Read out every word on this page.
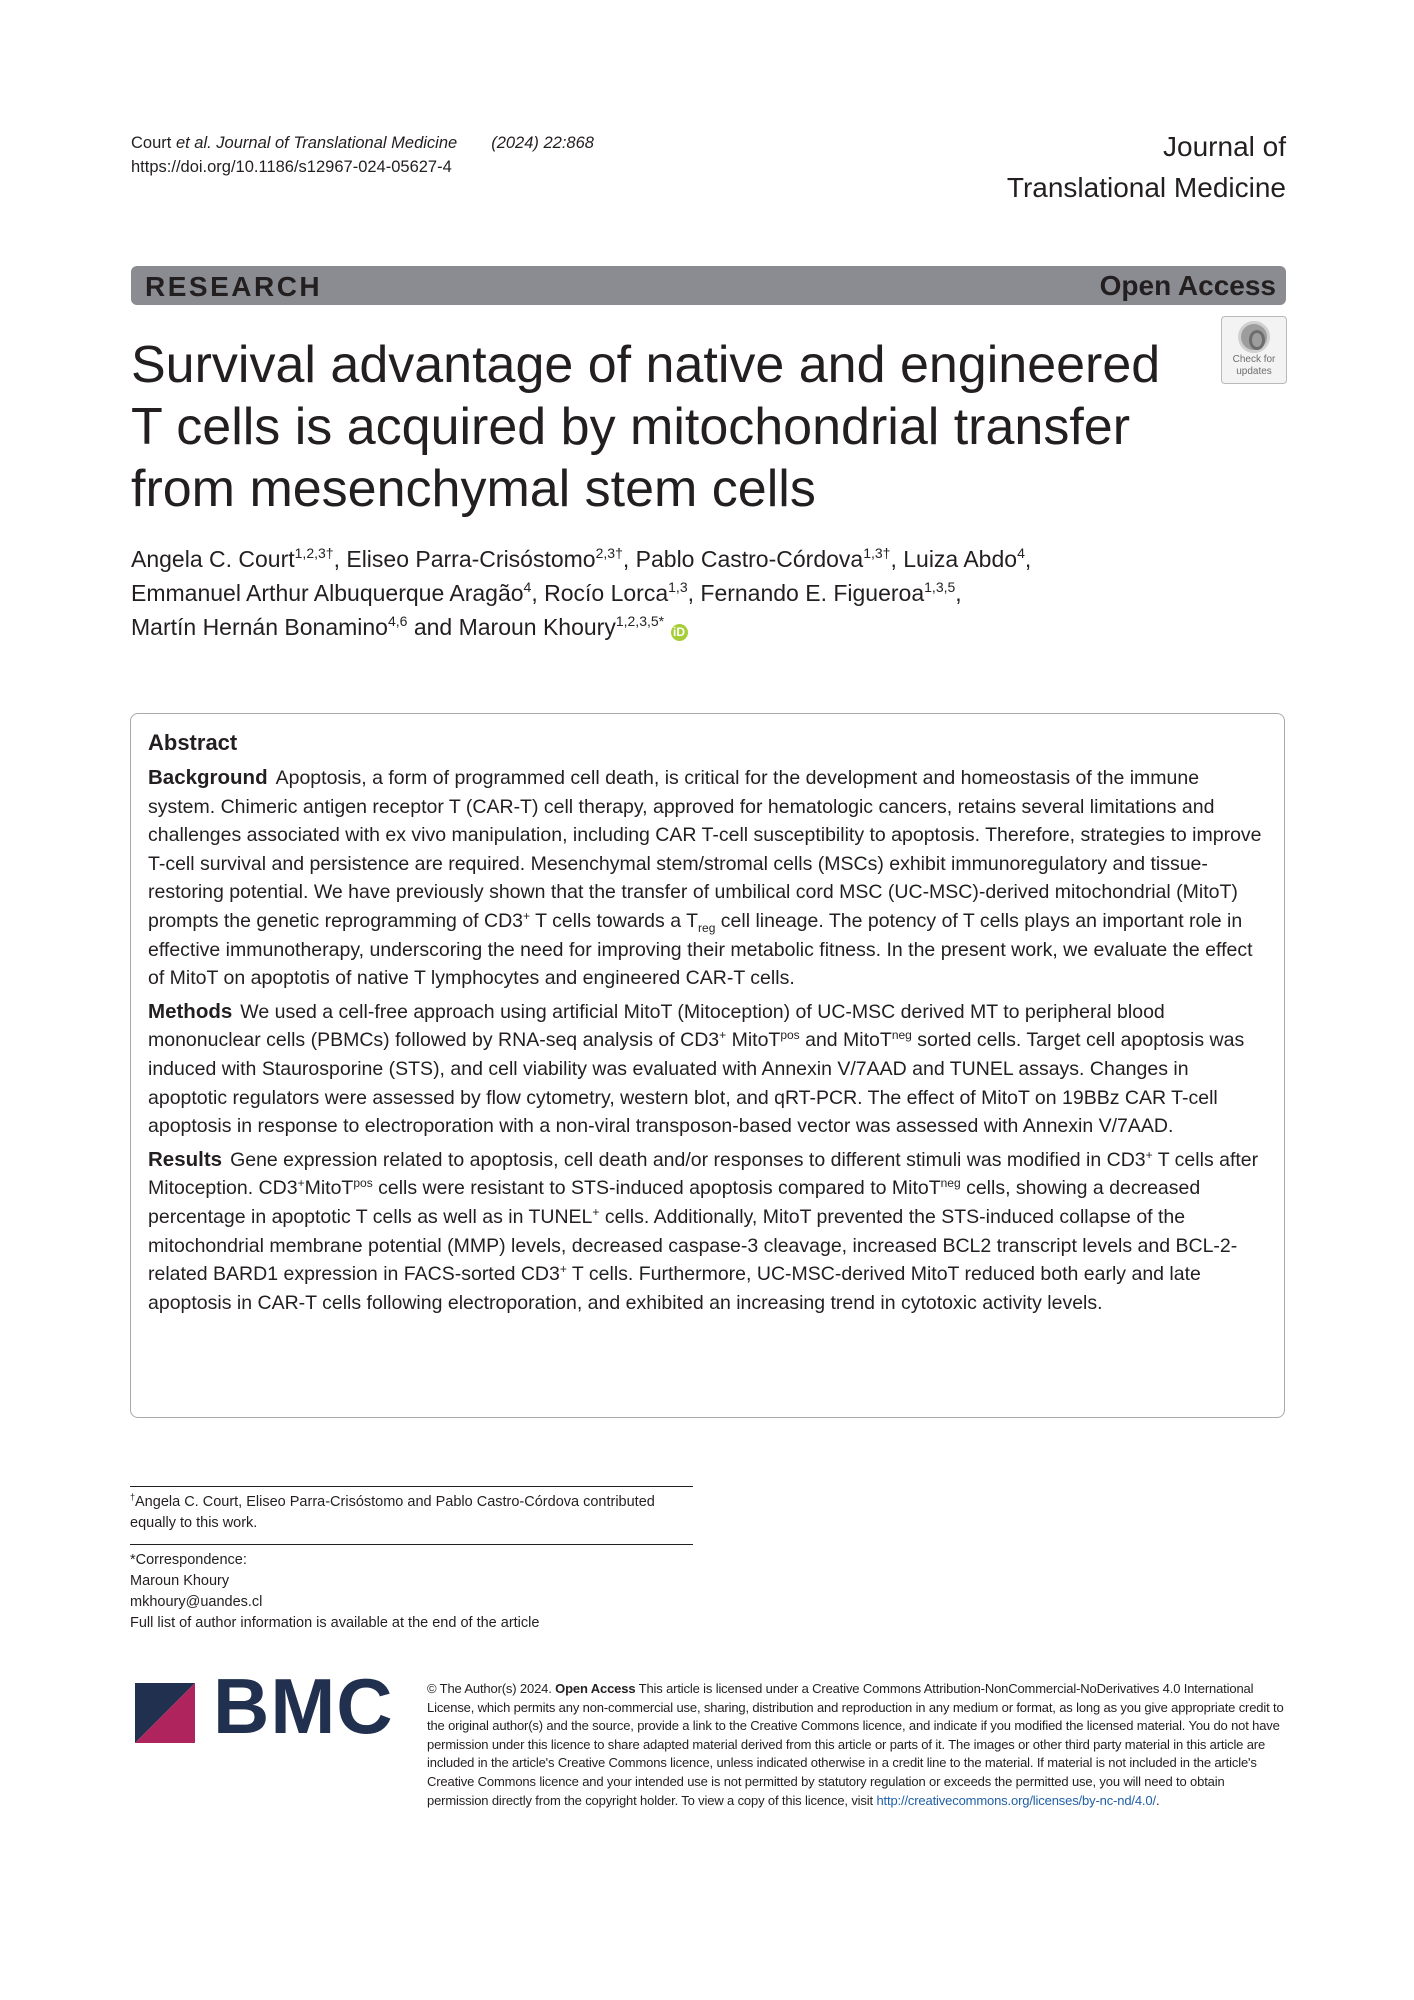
Court et al. Journal of Translational Medicine (2024) 22:868
https://doi.org/10.1186/s12967-024-05627-4
Journal of
Translational Medicine
RESEARCH	Open Access
Check for
updates
Survival advantage of native and engineered
T cells is acquired by mitochondrial transfer
from mesenchymal stem cells
Angela C. Court$^{1,2,3\dagger}$, Eliseo Parra-Crisóstomo$^{2,3\dagger}$, Pablo Castro-Córdova$^{1,3\dagger}$, Luiza Abdo$^4$,
Emmanuel Arthur Albuquerque Aragão$^4$, Rocío Lorca$^{1,3}$, Fernando E. Figueroa$^{1,3,5}$,
Martín Hernán Bonamino$^{4,6}$ and Maroun Khoury$^{1,2,3,5*}$ iD
Abstract
Background Apoptosis, a form of programmed cell death, is critical for the development and homeostasis of the immune system. Chimeric antigen receptor T (CAR-T) cell therapy, approved for hematologic cancers, retains several limitations and challenges associated with ex vivo manipulation, including CAR T-cell susceptibility to apoptosis. Therefore, strategies to improve T-cell survival and persistence are required. Mesenchymal stem/stromal cells (MSCs) exhibit immunoregulatory and tissue-restoring potential. We have previously shown that the transfer of umbilical cord MSC (UC-MSC)-derived mitochondrial (MitoT) prompts the genetic reprogramming of CD3+ T cells towards a $T_{reg}$ cell lineage. The potency of T cells plays an important role in effective immunotherapy, underscoring the need for improving their metabolic fitness. In the present work, we evaluate the effect of MitoT on apoptotis of native T lymphocytes and engineered CAR-T cells.
Methods We used a cell-free approach using artificial MitoT (Mitoception) of UC-MSC derived MT to peripheral blood mononuclear cells (PBMCs) followed by RNA-seq analysis of CD3+ MitoT$^{pos}$ and MitoT$^{neg}$ sorted cells. Target cell apoptosis was induced with Staurosporine (STS), and cell viability was evaluated with Annexin V/7AAD and TUNEL assays. Changes in apoptotic regulators were assessed by flow cytometry, western blot, and qRT-PCR. The effect of MitoT on 19BBz CAR T-cell apoptosis in response to electroporation with a non-viral transposon-based vector was assessed with Annexin V/7AAD.
Results Gene expression related to apoptosis, cell death and/or responses to different stimuli was modified in CD3+ T cells after Mitoception. CD3+MitoT$^{pos}$ cells were resistant to STS-induced apoptosis compared to MitoT$^{neg}$ cells, showing a decreased percentage in apoptotic T cells as well as in TUNEL+ cells. Additionally, MitoT prevented the STS-induced collapse of the mitochondrial membrane potential (MMP) levels, decreased caspase-3 cleavage, increased BCL2 transcript levels and BCL-2-related BARD1 expression in FACS-sorted CD3+ T cells. Furthermore, UC-MSC-derived MitoT reduced both early and late apoptosis in CAR-T cells following electroporation, and exhibited an increasing trend in cytotoxic activity levels.
†Angela C. Court, Eliseo Parra-Crisóstomo and Pablo Castro-Córdova contributed equally to this work.
*Correspondence:
Maroun Khoury
mkhoury@uandes.cl
Full list of author information is available at the end of the article
BMC	© The Author(s) 2024. Open Access This article is licensed under a Creative Commons Attribution-NonCommercial-NoDerivatives 4.0 International License, which permits any non-commercial use, sharing, distribution and reproduction in any medium or format, as long as you give appropriate credit to the original author(s) and the source, provide a link to the Creative Commons licence, and indicate if you modified the licensed material. You do not have permission under this licence to share adapted material derived from this article or parts of it. The images or other third party material in this article are included in the article's Creative Commons licence, unless indicated otherwise in a credit line to the material. If material is not included in the article's Creative Commons licence and your intended use is not permitted by statutory regulation or exceeds the permitted use, you will need to obtain permission directly from the copyright holder. To view a copy of this licence, visit http://creativecommons.org/licenses/by-nc-nd/4.0/.
